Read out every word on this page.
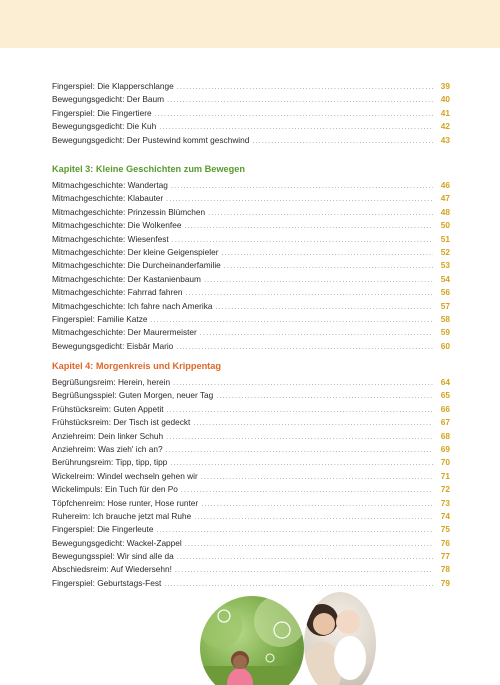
Fingerspiel: Die Klapperschlange .....	39
Bewegungsgedicht: Der Baum .....	40
Fingerspiel: Die Fingertiere .....	41
Bewegungsgedicht: Die Kuh .....	42
Bewegungsgedicht: Der Pustewind kommt geschwind .....	43
Kapitel 3: Kleine Geschichten zum Bewegen
Mitmachgeschichte: Wandertag .....	46
Mitmachgeschichte: Klabauter .....	47
Mitmachgeschichte: Prinzessin Blümchen .....	48
Mitmachgeschichte: Die Wolkenfee .....	50
Mitmachgeschichte: Wiesenfest .....	51
Mitmachgeschichte: Der kleine Geigenspieler .....	52
Mitmachgeschichte: Die Durcheinanderfamilie .....	53
Mitmachgeschichte: Der Kastanienbaum .....	54
Mitmachgeschichte: Fahrrad fahren .....	56
Mitmachgeschichte: Ich fahre nach Amerika .....	57
Fingerspiel: Familie Katze .....	58
Mitmachgeschichte: Der Maurermeister .....	59
Bewegungsgedicht: Eisbär Mario .....	60
Kapitel 4: Morgenkreis und Krippentag
Begrüßungsreim: Herein, herein .....	64
Begrüßungsspiel: Guten Morgen, neuer Tag .....	65
Frühstücksreim: Guten Appetit .....	66
Frühstücksreim: Der Tisch ist gedeckt .....	67
Anziehreim: Dein linker Schuh .....	68
Anziehreim: Was zieh' ich an? .....	69
Berührungsreim: Tipp, tipp, tipp .....	70
Wickelreim: Windel wechseln gehen wir .....	71
Wickelimpuls: Ein Tuch für den Po .....	72
Töpfchenreim: Hose runter, Hose runter .....	73
Ruhereim: Ich brauche jetzt mal Ruhe .....	74
Fingerspiel: Die Fingerleute .....	75
Bewegungsgedicht: Wackel-Zappel .....	76
Bewegungsspiel: Wir sind alle da .....	77
Abschiedsreim: Auf Wiedersehn! .....	78
Fingerspiel: Geburtstags-Fest .....	79
